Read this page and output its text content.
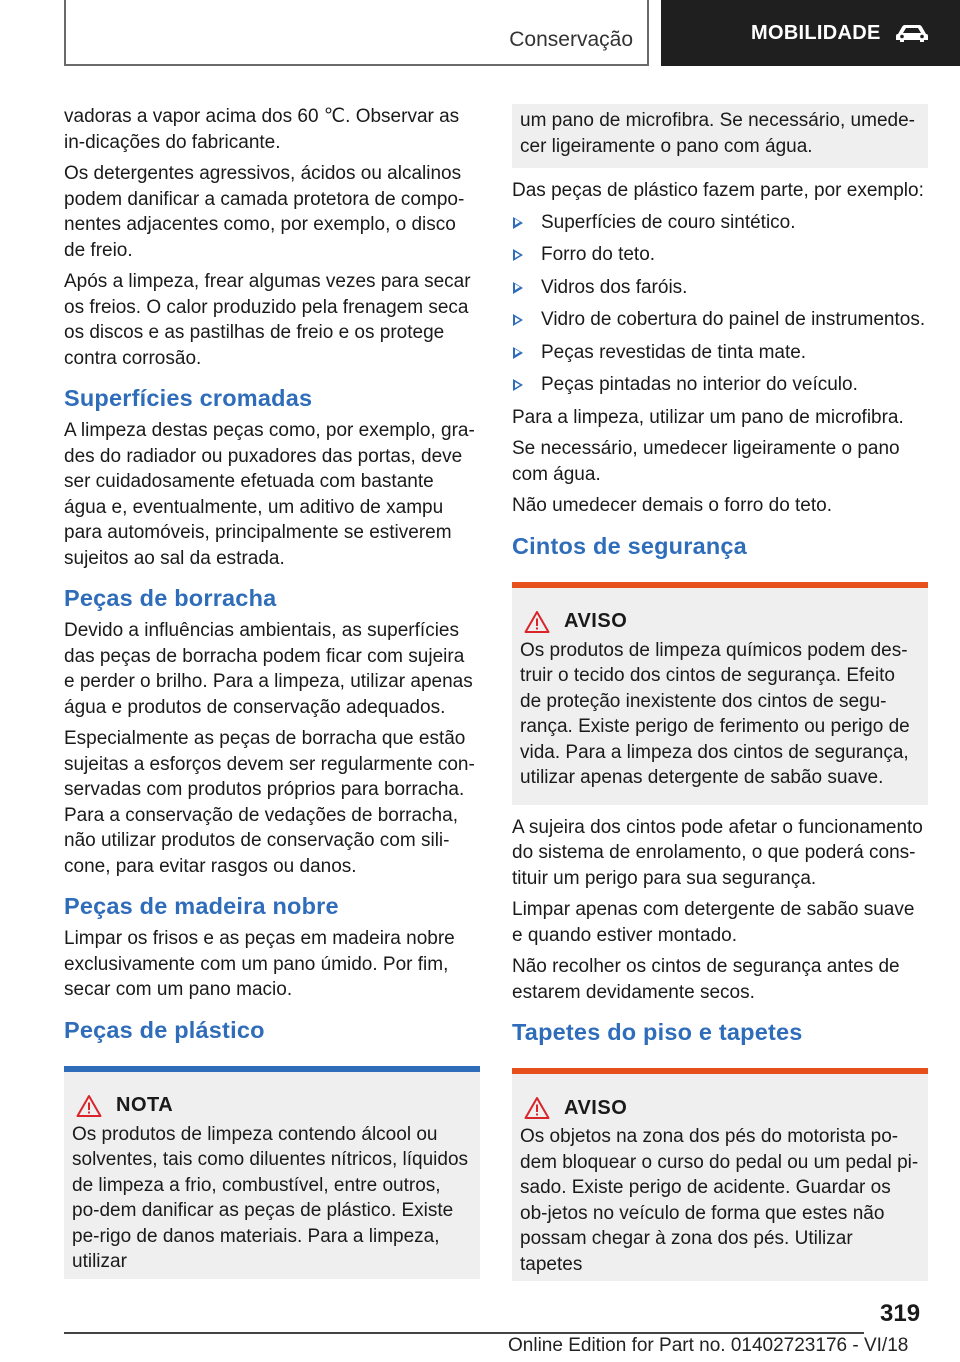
Conservação	MOBILIDADE

vadoras a vapor acima dos 60 ℃. Observar as in‐dicações do fabricante.

Os detergentes agressivos, ácidos ou alcalinos podem danificar a camada protetora de compo‐nentes adjacentes como, por exemplo, o disco de freio.

Após a limpeza, frear algumas vezes para secar os freios. O calor produzido pela frenagem seca os discos e as pastilhas de freio e os protege contra corrosão.

Superfícies cromadas

A limpeza destas peças como, por exemplo, gra‐des do radiador ou puxadores das portas, deve ser cuidadosamente efetuada com bastante água e, eventualmente, um aditivo de xampu para automóveis, principalmente se estiverem sujeitos ao sal da estrada.

Peças de borracha

Devido a influências ambientais, as superfícies das peças de borracha podem ficar com sujeira e perder o brilho. Para a limpeza, utilizar apenas água e produtos de conservação adequados.

Especialmente as peças de borracha que estão sujeitas a esforços devem ser regularmente con‐servadas com produtos próprios para borracha. Para a conservação de vedações de borracha, não utilizar produtos de conservação com sili‐cone, para evitar rasgos ou danos.

Peças de madeira nobre

Limpar os frisos e as peças em madeira nobre exclusivamente com um pano úmido. Por fim, secar com um pano macio.

Peças de plástico
NOTA

Os produtos de limpeza contendo álcool ou solventes, tais como diluentes nítricos, líquidos de limpeza a frio, combustível, entre outros, po‐dem danificar as peças de plástico. Existe pe‐rigo de danos materiais. Para a limpeza, utilizar

um pano de microfibra. Se necessário, umede‐cer ligeiramente o pano com água.

Das peças de plástico fazem parte, por exemplo:

Superfícies de couro sintético.
Forro do teto.
Vidros dos faróis.
Vidro de cobertura do painel de instrumentos.
Peças revestidas de tinta mate.
Peças pintadas no interior do veículo.

Para a limpeza, utilizar um pano de microfibra.

Se necessário, umedecer ligeiramente o pano com água.

Não umedecer demais o forro do teto.

Cintos de segurança
AVISO

Os produtos de limpeza químicos podem des‐truir o tecido dos cintos de segurança. Efeito de proteção inexistente dos cintos de segu‐rança. Existe perigo de ferimento ou perigo de vida. Para a limpeza dos cintos de segurança, utilizar apenas detergente de sabão suave.

A sujeira dos cintos pode afetar o funcionamento do sistema de enrolamento, o que poderá cons‐tituir um perigo para sua segurança.

Limpar apenas com detergente de sabão suave e quando estiver montado.

Não recolher os cintos de segurança antes de estarem devidamente secos.

Tapetes do piso e tapetes
AVISO

Os objetos na zona dos pés do motorista po‐dem bloquear o curso do pedal ou um pedal pi‐sado. Existe perigo de acidente. Guardar os ob‐jetos no veículo de forma que estes não possam chegar à zona dos pés. Utilizar tapetes

319
Online Edition for Part no. 01402723176 - VI/18
